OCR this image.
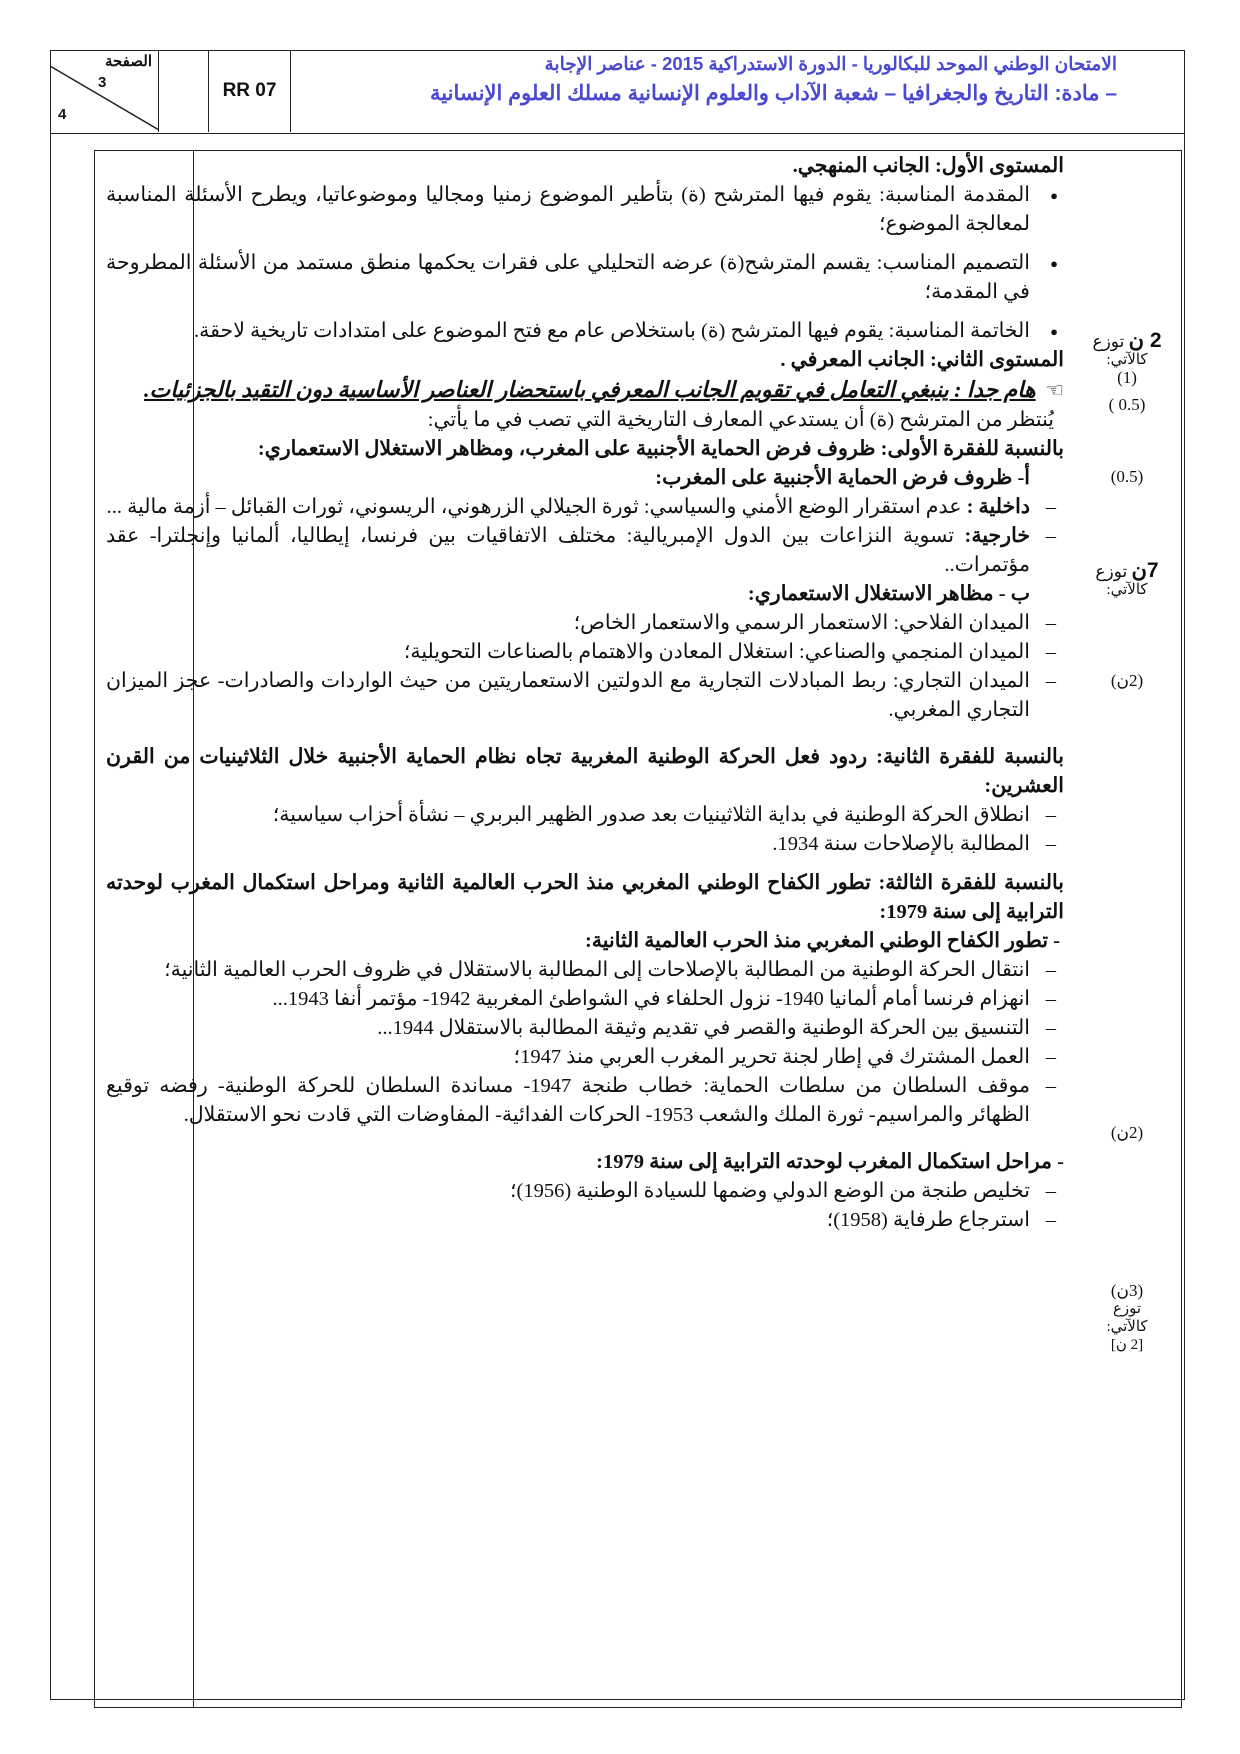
الصفحة
3
4
RR 07
الامتحان الوطني الموحد للبكالوريا - الدورة الاستدراكية 2015 - عناصر الإجابة
– مادة: التاريخ والجغرافيا – شعبة الآداب والعلوم الإنسانية مسلك العلوم الإنسانية

المستوى الأول: الجانب المنهجي.

● المقدمة المناسبة: يقوم فيها المترشح (ة) بتأطير الموضوع زمنيا ومجاليا وموضوعاتيا، ويطرح الأسئلة المناسبة لمعالجة الموضوع؛

● التصميم المناسب: يقسم المترشح(ة) عرضه التحليلي على فقرات يحكمها منطق مستمد من الأسئلة المطروحة في المقدمة؛

● الخاتمة المناسبة: يقوم فيها المترشح (ة) باستخلاص عام مع فتح الموضوع على امتدادات تاريخية لاحقة.

المستوى الثاني: الجانب المعرفي .

☜هام جدا : ينبغي التعامل في تقويم الجانب المعرفي باستحضار العناصر الأساسية دون التقيد بالجزئيات.

يُنتظر من المترشح (ة) أن يستدعي المعارف التاريخية التي تصب في ما يأتي:

بالنسبة للفقرة الأولى: ظروف فرض الحماية الأجنبية على المغرب، ومظاهر الاستغلال الاستعماري:

أ- ظروف فرض الحماية الأجنبية على المغرب:

– داخلية : عدم استقرار الوضع الأمني والسياسي: ثورة الجيلالي الزرهوني، الريسوني، ثورات القبائل – أزمة مالية ...

– خارجية: تسوية النزاعات بين الدول الإمبريالية: مختلف الاتفاقيات بين فرنسا، إيطاليا، ألمانيا وإنجلترا- عقد مؤتمرات..

ب - مظاهر الاستغلال الاستعماري:

– الميدان الفلاحي: الاستعمار الرسمي والاستعمار الخاص؛

– الميدان المنجمي والصناعي: استغلال المعادن والاهتمام بالصناعات التحويلية؛

– الميدان التجاري: ربط المبادلات التجارية مع الدولتين الاستعماريتين من حيث الواردات والصادرات- عجز الميزان التجاري المغربي.

بالنسبة للفقرة الثانية: ردود فعل الحركة الوطنية المغربية تجاه نظام الحماية الأجنبية خلال الثلاثينيات من القرن العشرين:

– انطلاق الحركة الوطنية في بداية الثلاثينيات بعد صدور الظهير البربري – نشأة أحزاب سياسية؛

– المطالبة بالإصلاحات سنة 1934.

بالنسبة للفقرة الثالثة: تطور الكفاح الوطني المغربي منذ الحرب العالمية الثانية ومراحل استكمال المغرب لوحدته الترابية إلى سنة 1979:

- تطور الكفاح الوطني المغربي منذ الحرب العالمية الثانية:

– انتقال الحركة الوطنية من المطالبة بالإصلاحات إلى المطالبة بالاستقلال في ظروف الحرب العالمية الثانية؛

– انهزام فرنسا أمام ألمانيا 1940- نزول الحلفاء في الشواطئ المغربية 1942- مؤتمر أنفا 1943...

– التنسيق بين الحركة الوطنية والقصر في تقديم وثيقة المطالبة بالاستقلال 1944...

– العمل المشترك في إطار لجنة تحرير المغرب العربي منذ 1947؛

– موقف السلطان من سلطات الحماية: خطاب طنجة 1947- مساندة السلطان للحركة الوطنية- رفضه توقيع الظهائر والمراسيم- ثورة الملك والشعب 1953- الحركات الفدائية- المفاوضات التي قادت نحو الاستقلال.

- مراحل استكمال المغرب لوحدته الترابية إلى سنة 1979:

– تخليص طنجة من الوضع الدولي وضمها للسيادة الوطنية (1956)؛

– استرجاع طرفاية (1958)؛

2 ن توزع
كالآتي:
(1)
(0.5 )
(0.5)
7ن توزع
كالآتي:
(2ن)
(2ن)
(3ن)
توزع
كالآتي:
[2 ن]
